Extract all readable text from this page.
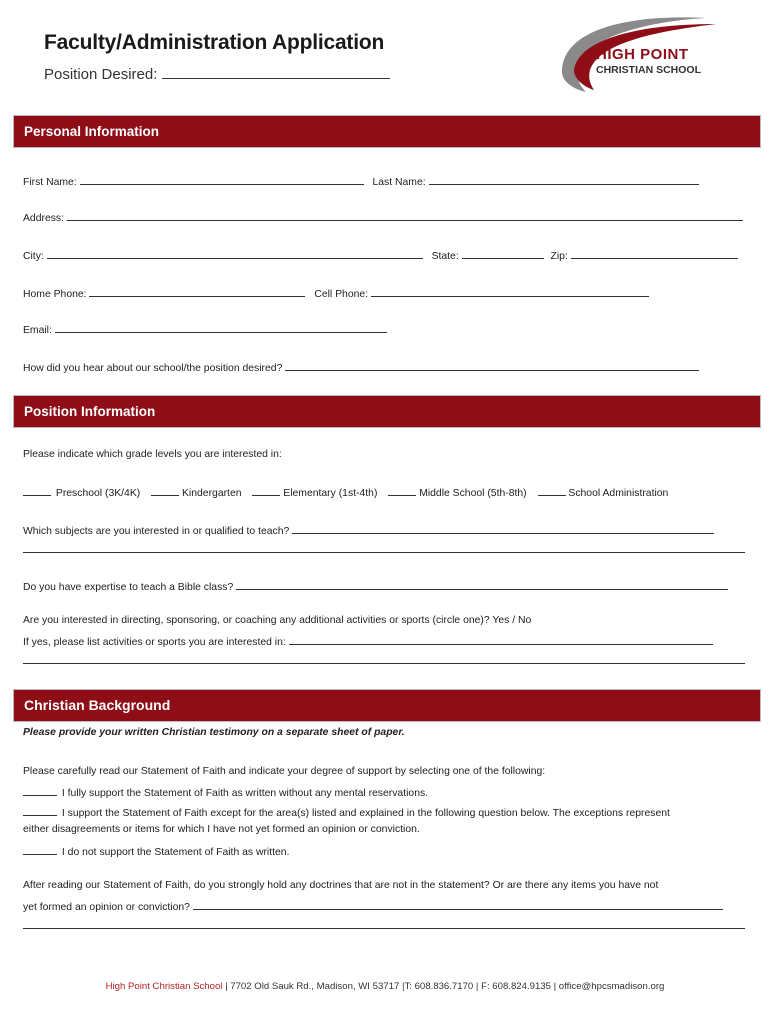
Faculty/Administration Application
Position Desired:
HIGH POINT
CHRISTIAN SCHOOL
Personal Information
First Name:	Last Name:
Address:
City:	State:	Zip:
Home Phone:	Cell Phone:
Email:
How did you hear about our school/the position desired?
Position Information
Please indicate which grade levels you are interested in:
Preschool (3K/4K)	Kindergarten	Elementary (1st-4th)	Middle School (5th-8th)	School Administration
Which subjects are you interested in or qualified to teach?
Do you have expertise to teach a Bible class?
Are you interested in directing, sponsoring, or coaching any additional activities or sports (circle one)? Yes / No
If yes, please list activities or sports you are interested in:
Christian Background
Please provide your written Christian testimony on a separate sheet of paper.
Please carefully read our Statement of Faith and indicate your degree of support by selecting one of the following:
I fully support the Statement of Faith as written without any mental reservations.
I support the Statement of Faith except for the area(s) listed and explained in the following question below. The exceptions represent
either disagreements or items for which I have not yet formed an opinion or conviction.
I do not support the Statement of Faith as written.
After reading our Statement of Faith, do you strongly hold any doctrines that are not in the statement? Or are there any items you have not
yet formed an opinion or conviction?
High Point Christian School | 7702 Old Sauk Rd., Madison, WI 53717 |T: 608.836.7170 | F: 608.824.9135 | office@hpcsmadison.org
